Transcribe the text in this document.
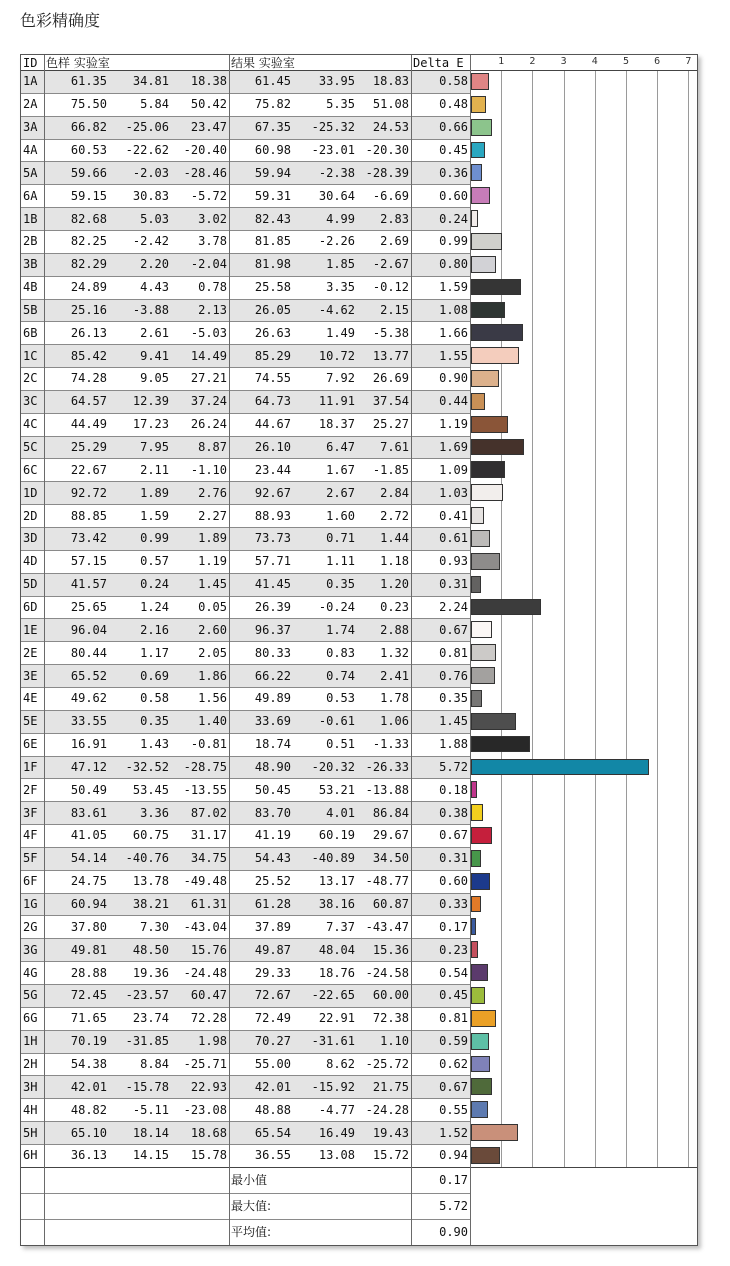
色彩精确度
ID 色样 实验室	结果 实验室	Delta E	1	2	3	4	5	6	7
1A	61.35	34.81	18.38	61.45	33.95	18.83	0.58
2A	75.50	5.84	50.42	75.82	5.35	51.08	0.48
3A	66.82	-25.06	23.47	67.35	-25.32	24.53	0.66
4A	60.53	-22.62	-20.40	60.98	-23.01 -20.30	0.45
5A	59.66	-2.03	-28.46	59.94	-2.38 -28.39	0.36
6A	59.15	30.83	-5.72	59.31	30.64	-6.69	0.60
1B	82.68	5.03	3.02	82.43	4.99	2.83	0.24
2B	82.25	-2.42	3.78	81.85	-2.26	2.69	0.99
3B	82.29	2.20	-2.04	81.98	1.85	-2.67	0.80
4B	24.89	4.43	0.78	25.58	3.35	-0.12	1.59
5B	25.16	-3.88	2.13	26.05	-4.62	2.15	1.08
6B	26.13	2.61	-5.03	26.63	1.49	-5.38	1.66
1C	85.42	9.41	14.49	85.29	10.72	13.77	1.55
2C	74.28	9.05	27.21	74.55	7.92	26.69	0.90
3C	64.57	12.39	37.24	64.73	11.91	37.54	0.44
4C	44.49	17.23	26.24	44.67	18.37	25.27	1.19
5C	25.29	7.95	8.87	26.10	6.47	7.61	1.69
6C	22.67	2.11	-1.10	23.44	1.67	-1.85	1.09
1D	92.72	1.89	2.76	92.67	2.67	2.84	1.03
2D	88.85	1.59	2.27	88.93	1.60	2.72	0.41
3D	73.42	0.99	1.89	73.73	0.71	1.44	0.61
4D	57.15	0.57	1.19	57.71	1.11	1.18	0.93
5D	41.57	0.24	1.45	41.45	0.35	1.20	0.31
6D	25.65	1.24	0.05	26.39	-0.24	0.23	2.24
1E	96.04	2.16	2.60	96.37	1.74	2.88	0.67
2E	80.44	1.17	2.05	80.33	0.83	1.32	0.81
3E	65.52	0.69	1.86	66.22	0.74	2.41	0.76
4E	49.62	0.58	1.56	49.89	0.53	1.78	0.35
5E	33.55	0.35	1.40	33.69	-0.61	1.06	1.45
6E	16.91	1.43	-0.81	18.74	0.51	-1.33	1.88
1F	47.12	-32.52	-28.75	48.90	-20.32 -26.33	5.72
2F	50.49	53.45	-13.55	50.45	53.21 -13.88	0.18
3F	83.61	3.36	87.02	83.70	4.01	86.84	0.38
4F	41.05	60.75	31.17	41.19	60.19	29.67	0.67
5F	54.14	-40.76	34.75	54.43	-40.89	34.50	0.31
6F	24.75	13.78	-49.48	25.52	13.17 -48.77	0.60
1G	60.94	38.21	61.31	61.28	38.16	60.87	0.33
2G	37.80	7.30	-43.04	37.89	7.37 -43.47	0.17
3G	49.81	48.50	15.76	49.87	48.04	15.36	0.23
4G	28.88	19.36	-24.48	29.33	18.76 -24.58	0.54
5G	72.45	-23.57	60.47	72.67	-22.65	60.00	0.45
6G	71.65	23.74	72.28	72.49	22.91	72.38	0.81
1H	70.19	-31.85	1.98	70.27	-31.61	1.10	0.59
2H	54.38	8.84	-25.71	55.00	8.62 -25.72	0.62
3H	42.01	-15.78	22.93	42.01	-15.92	21.75	0.67
4H	48.82	-5.11	-23.08	48.88	-4.77 -24.28	0.55
5H	65.10	18.14	18.68	65.54	16.49	19.43	1.52
6H	36.13	14.15	15.78	36.55	13.08	15.72	0.94
最小值	0.17
最大值:	5.72
平均值:	0.90
